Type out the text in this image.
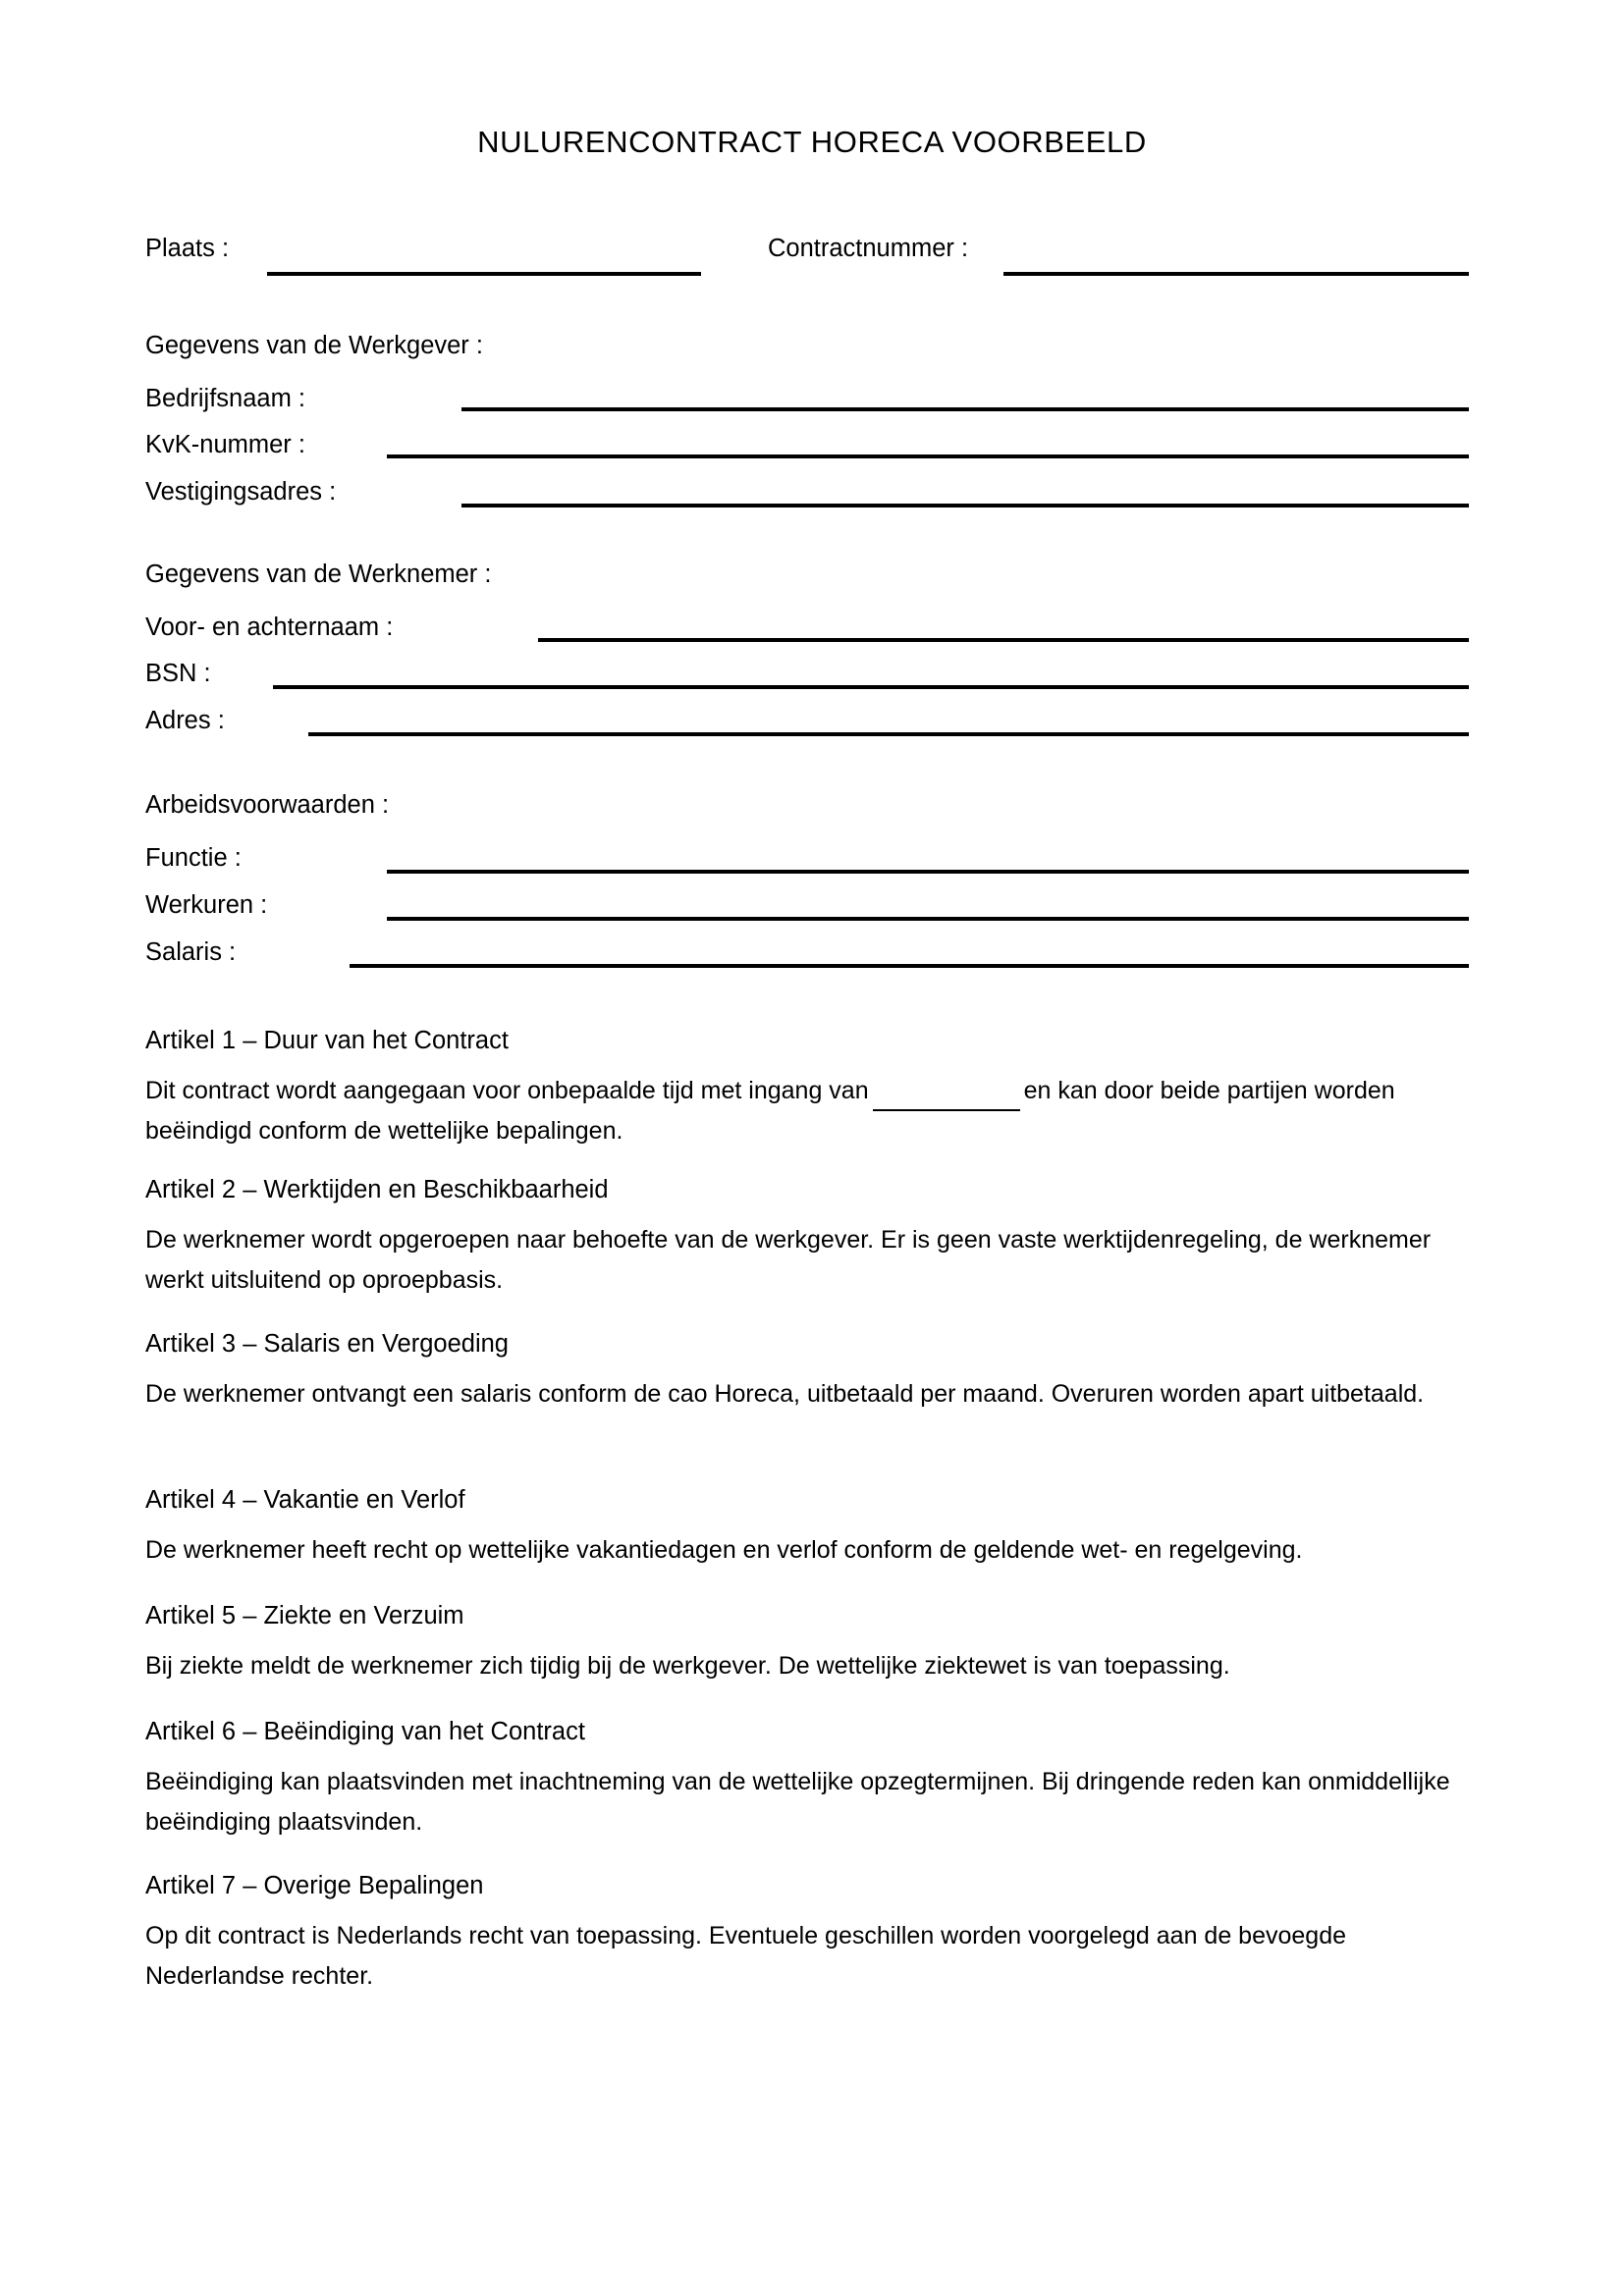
NULURENCONTRACT HORECA VOORBEELD
Plaats :	Contractnummer :
Gegevens van de Werkgever :
Bedrijfsnaam :
KvK-nummer :
Vestigingsadres :
Gegevens van de Werknemer :
Voor- en achternaam :
BSN :
Adres :
Arbeidsvoorwaarden :
Functie :
Werkuren :
Salaris :

Artikel 1 – Duur van het Contract

Dit contract wordt aangegaan voor onbepaalde tijd met ingang van	en kan door beide partijen worden beëindigd conform de wettelijke bepalingen.

Artikel 2 – Werktijden en Beschikbaarheid

De werknemer wordt opgeroepen naar behoefte van de werkgever. Er is geen vaste werktijdenregeling, de werknemer werkt uitsluitend op oproepbasis.

Artikel 3 – Salaris en Vergoeding

De werknemer ontvangt een salaris conform de cao Horeca, uitbetaald per maand. Overuren worden apart uitbetaald.

Artikel 4 – Vakantie en Verlof

De werknemer heeft recht op wettelijke vakantiedagen en verlof conform de geldende wet- en regelgeving.

Artikel 5 – Ziekte en Verzuim

Bij ziekte meldt de werknemer zich tijdig bij de werkgever. De wettelijke ziektewet is van toepassing.

Artikel 6 – Beëindiging van het Contract

Beëindiging kan plaatsvinden met inachtneming van de wettelijke opzegtermijnen. Bij dringende reden kan onmiddellijke beëindiging plaatsvinden.

Artikel 7 – Overige Bepalingen

Op dit contract is Nederlands recht van toepassing. Eventuele geschillen worden voorgelegd aan de bevoegde Nederlandse rechter.
